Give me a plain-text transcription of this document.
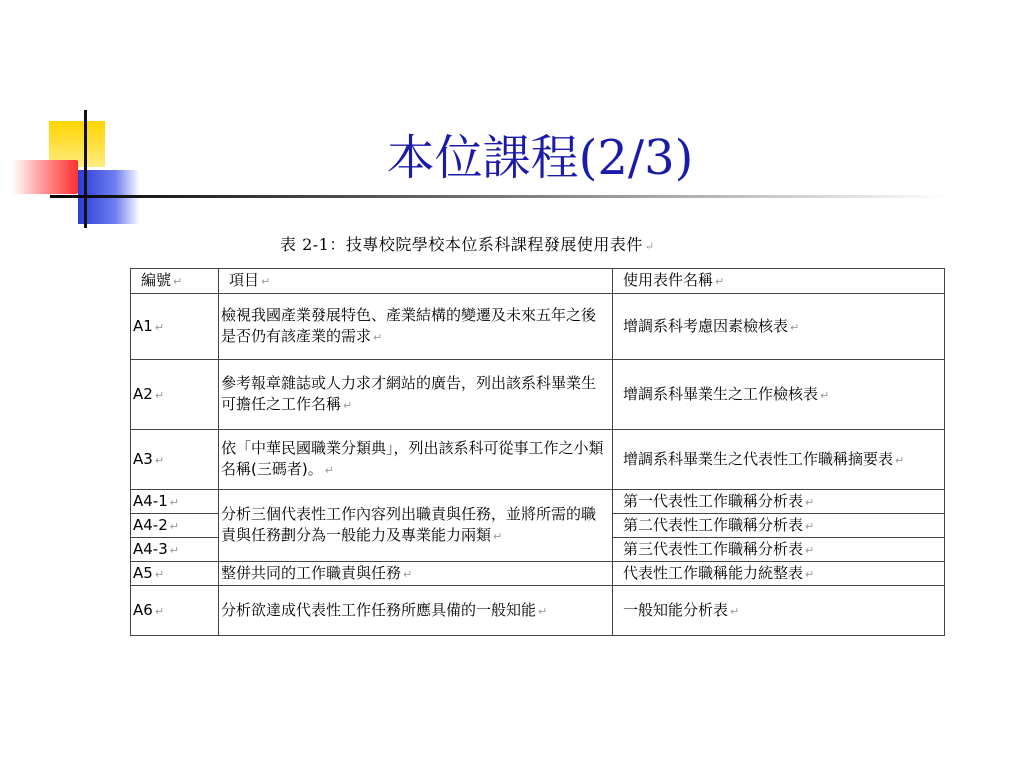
本位課程(2/3)
表 2-1：技專校院學校本位系科課程發展使用表件 ↵
編號 ↵	項目 ↵	使用表件名稱 ↵
A1 ↵	檢視我國產業發展特色、產業結構的變遷及未來五年之後是否仍有該產業的需求 ↵	增調系科考慮因素檢核表 ↵
A2 ↵	參考報章雜誌或人力求才網站的廣告，列出該系科畢業生可擔任之工作名稱 ↵	增調系科畢業生之工作檢核表 ↵
A3 ↵	依「中華民國職業分類典」，列出該系科可從事工作之小類名稱(三碼者)。 ↵	增調系科畢業生之代表性工作職稱摘要表 ↵
A4-1 ↵	分析三個代表性工作內容列出職責與任務，並將所需的職責與任務劃分為一般能力及專業能力兩類 ↵	第一代表性工作職稱分析表 ↵
A4-2 ↵		第二代表性工作職稱分析表 ↵
A4-3 ↵		第三代表性工作職稱分析表 ↵
A5 ↵	整併共同的工作職責與任務 ↵	代表性工作職稱能力統整表 ↵
A6 ↵	分析欲達成代表性工作任務所應具備的一般知能 ↵	一般知能分析表 ↵
